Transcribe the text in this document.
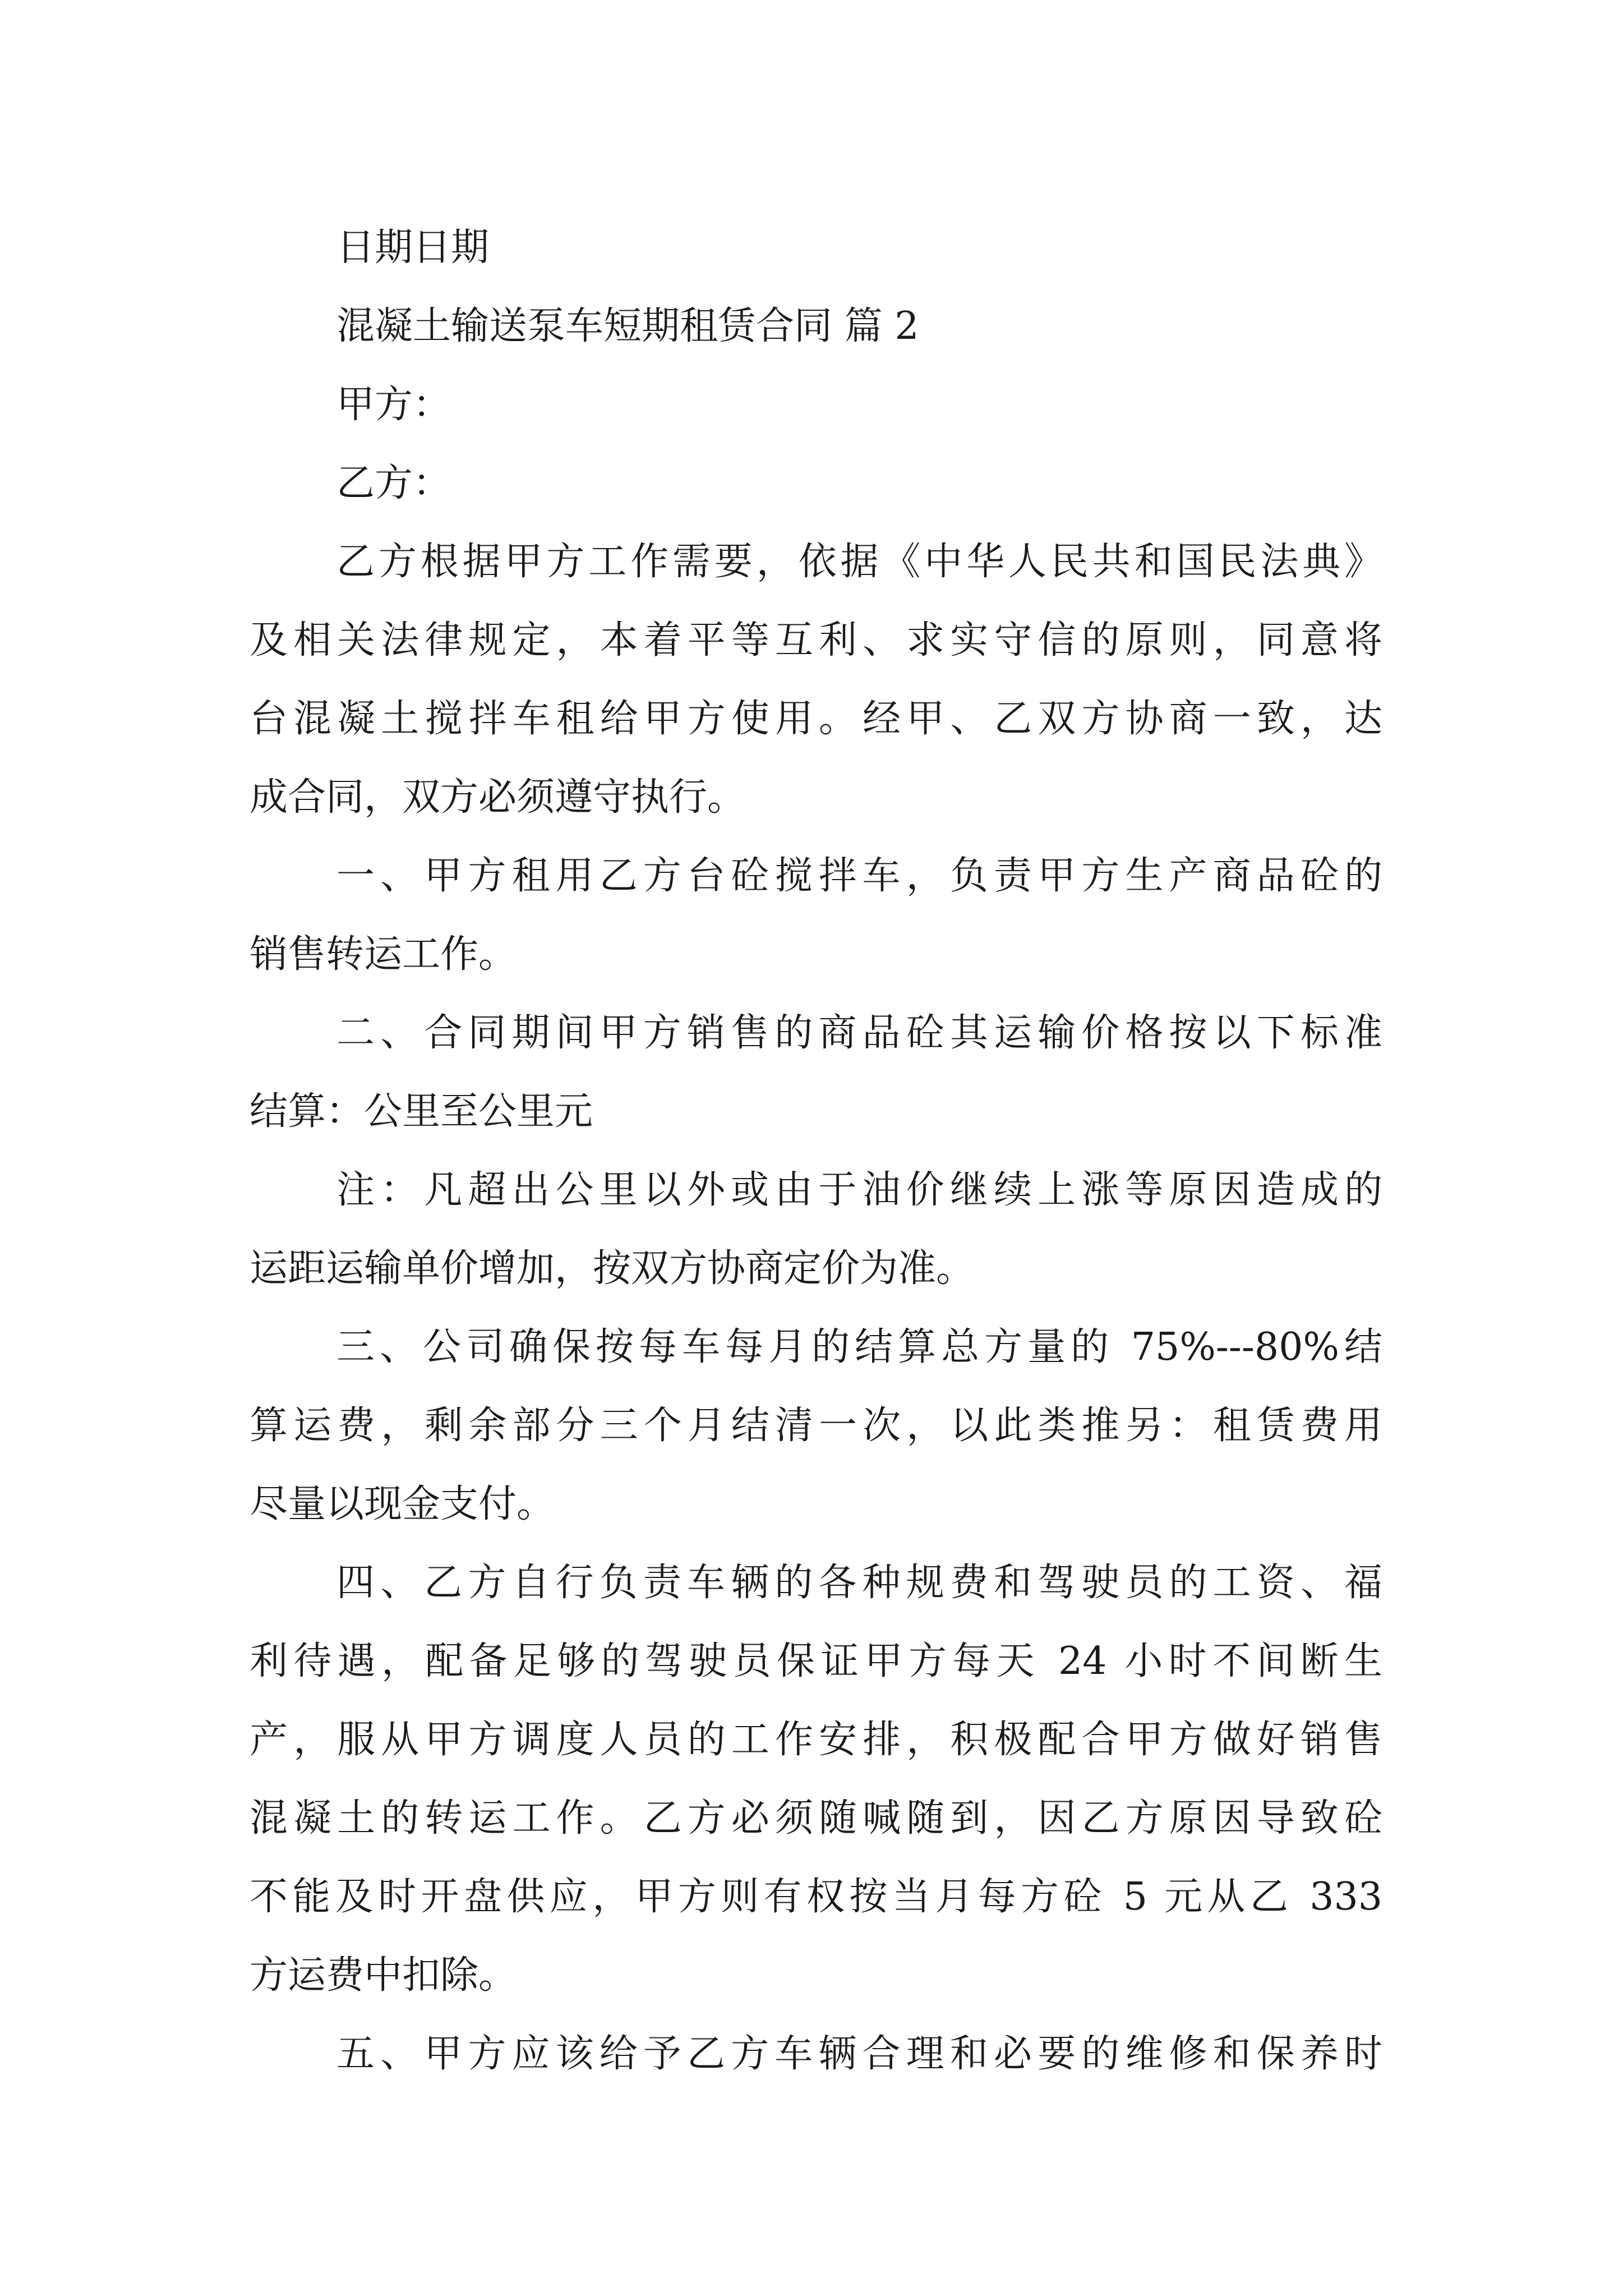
日期日期
混凝土输送泵车短期租赁合同 篇 2
甲方：
乙方：
乙方根据甲方工作需要，依据《中华人民共和国民法典》
及相关法律规定，本着平等互利、求实守信的原则，同意将
台混凝土搅拌车租给甲方使用。经甲、乙双方协商一致，达
成合同，双方必须遵守执行。
一、甲方租用乙方台砼搅拌车，负责甲方生产商品砼的
销售转运工作。
二、合同期间甲方销售的商品砼其运输价格按以下标准
结算：公里至公里元
注：凡超出公里以外或由于油价继续上涨等原因造成的
运距运输单价增加，按双方协商定价为准。
三、公司确保按每车每月的结算总方量的 75%---80%结
算运费，剩余部分三个月结清一次，以此类推另：租赁费用
尽量以现金支付。
四、乙方自行负责车辆的各种规费和驾驶员的工资、福
利待遇，配备足够的驾驶员保证甲方每天 24 小时不间断生
产，服从甲方调度人员的工作安排，积极配合甲方做好销售
混凝土的转运工作。乙方必须随喊随到，因乙方原因导致砼
不能及时开盘供应，甲方则有权按当月每方砼 5 元从乙 333
方运费中扣除。
五、甲方应该给予乙方车辆合理和必要的维修和保养时
